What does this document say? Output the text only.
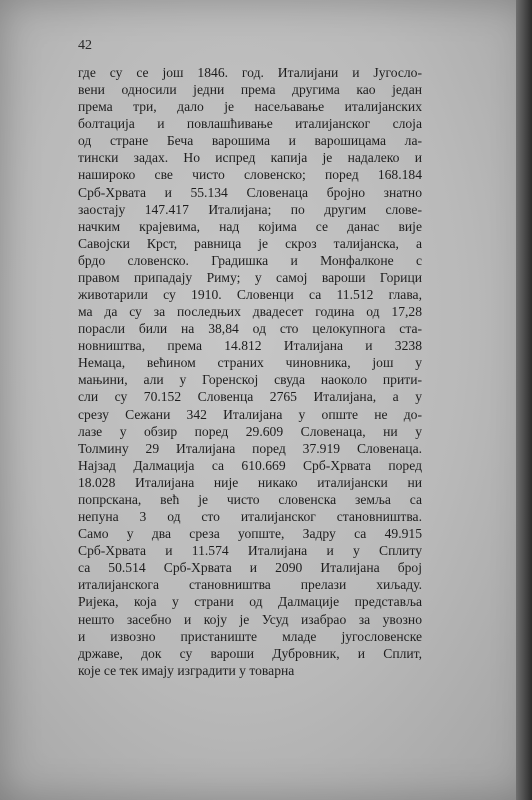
42
где су се још 1846. год. Италијани и Југосло-
вени односили једни према другима као један
према три, дало је насељавање италијанских
болтација и повлашћивање италијанског слоја
од стране Беча варошима и варошицама ла-
тински задах. Но испред капија је надалеко и
нашироко све чисто словенско; поред 168.184
Срб-Хрвата и 55.134 Словенаца бројно знатно
заостају 147.417 Италијана; по другим слове-
начким крајевима, над којима се данас вије
Савојски Крст, равница је скроз талијанска, а
брдо словенско. Градишка и Монфалконе с
правом припадају Риму; у самој вароши Горици
животарили су 1910. Словенци са 11.512 глава,
ма да су за последњих двадесет година од 17,28
порасли били на 38,84 од сто целокупнога ста-
новништва, према 14.812 Италијана и 3238
Немаца, већином страних чиновника, још у
мањини, али у Горенској свуда наоколо прити-
сли су 70.152 Словенца 2765 Италијана, а у
срезу Сежани 342 Италијана у опште не до-
лазе у обзир поред 29.609 Словенаца, ни у
Толмину 29 Италијана поред 37.919 Словенаца.
Најзад Далмација са 610.669 Срб-Хрвата поред
18.028 Италијана није никако италијански ни
попрскана, већ је чисто словенска земља са
непуна 3 од сто италијанског становништва.
Само у два среза уопште, Задру са 49.915
Срб-Хрвата и 11.574 Италијана и у Сплиту
са 50.514 Срб-Хрвата и 2090 Италијана број
италијанскога становништва прелази хиљаду.
Ријека, која у страни од Далмације представља
нешто засебно и коју је Усуд изабрао за увозно
и извозно пристаниште младе југословенске
државе, док су вароши Дубровник, и Сплит,
које се тек имају изградити у товарна
